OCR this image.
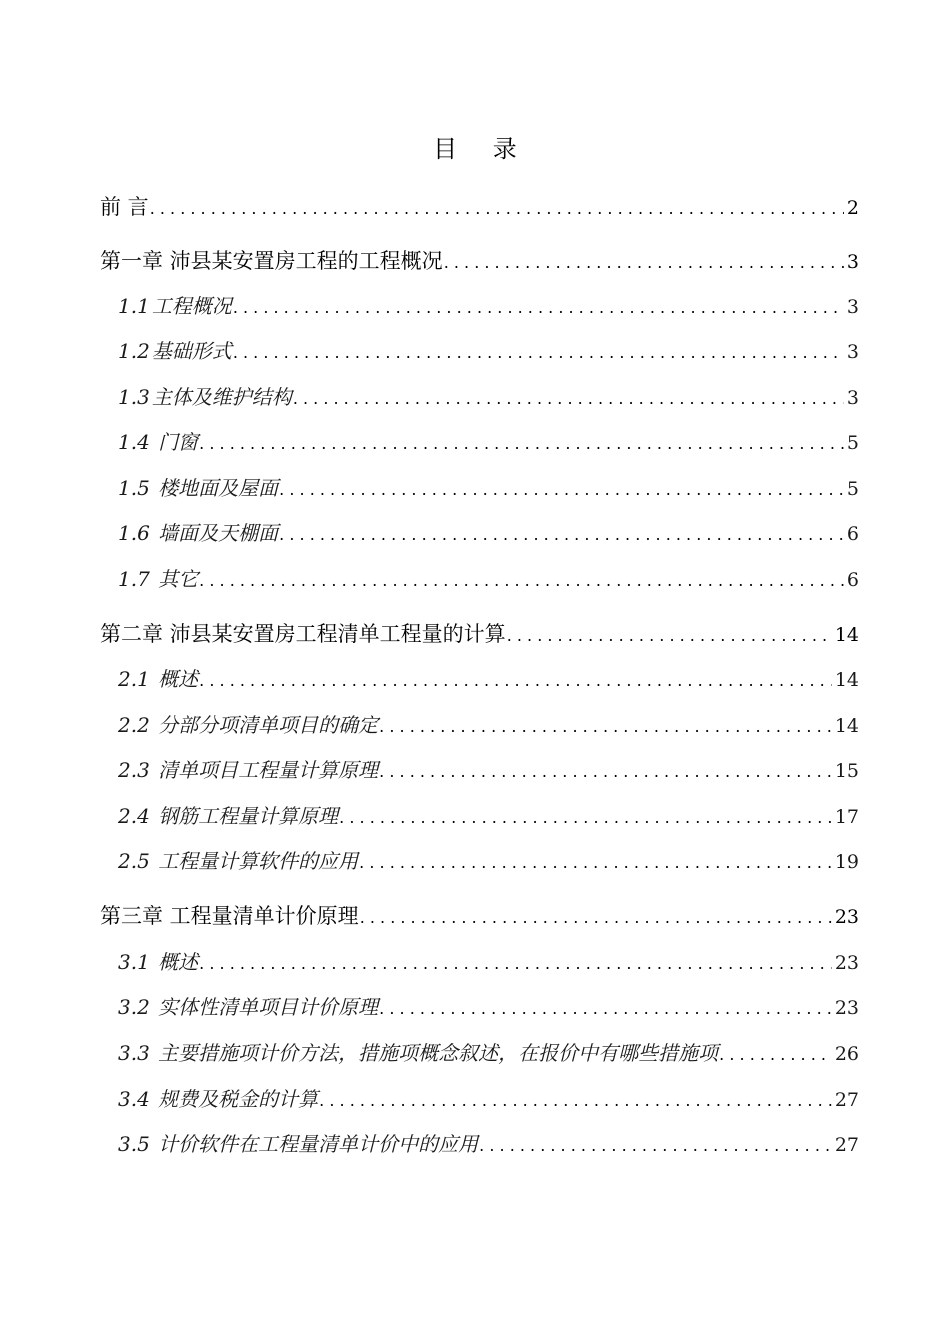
目 录
前 言 . . .	2
第一章 沛县某安置房工程的工程概况 . . .	3
1.1 工程概况 . . .	3
1.2 基础形式 . . .	3
1.3 主体及维护结构 . . .	3
1.4 门窗 . . .	5
1.5 楼地面及屋面 . . .	5
1.6 墙面及天棚面 . . .	6
1.7 其它 . . .	6
第二章 沛县某安置房工程清单工程量的计算 . . .	14
2.1 概述 . . .	14
2.2 分部分项清单项目的确定 . . .	14
2.3 清单项目工程量计算原理 . . .	15
2.4 钢筋工程量计算原理 . . .	17
2.5 工程量计算软件的应用 . . .	19
第三章 工程量清单计价原理 . . .	23
3.1 概述 . . .	23
3.2 实体性清单项目计价原理 . . .	23
3.3 主要措施项计价方法，措施项概念叙述，在报价中有哪些措施项 . . .	26
3.4 规费及税金的计算 . . .	27
3.5 计价软件在工程量清单计价中的应用 . . .	27
